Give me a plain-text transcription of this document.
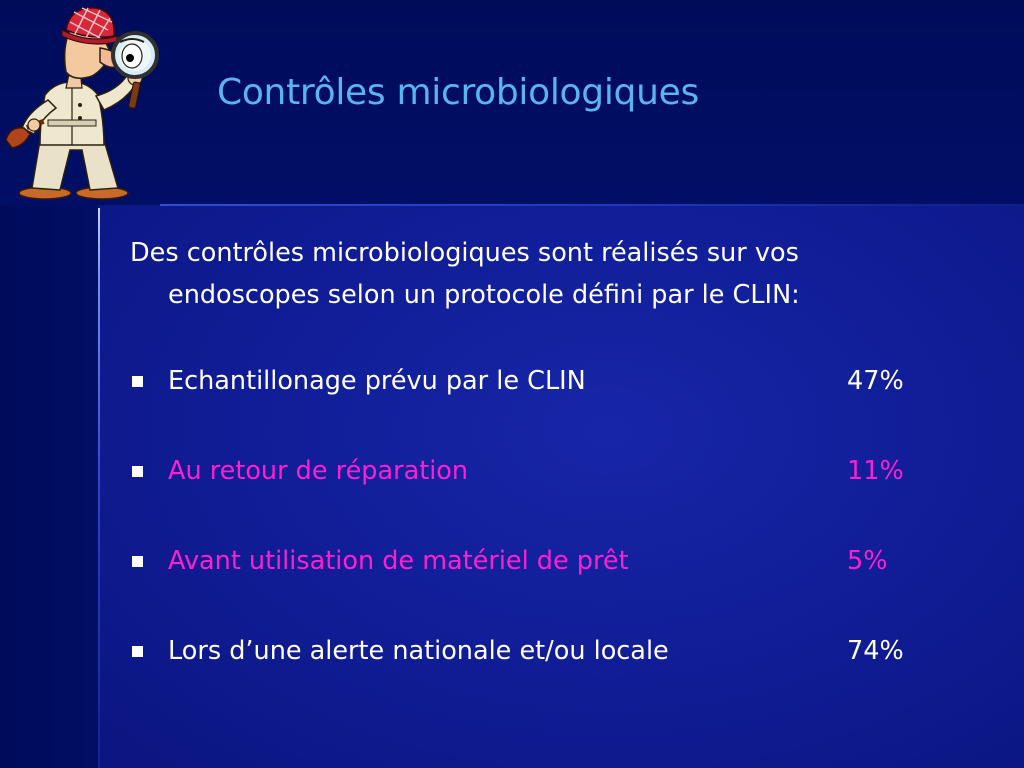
Contrôles microbiologiques
Des contrôles microbiologiques sont réalisés sur vos
endoscopes selon un protocole défini par le CLIN:
Echantillonage prévu par le CLIN	47%
Au retour de réparation	11%
Avant utilisation de matériel de prêt	5%
Lors d’une alerte nationale et/ou locale	74%
